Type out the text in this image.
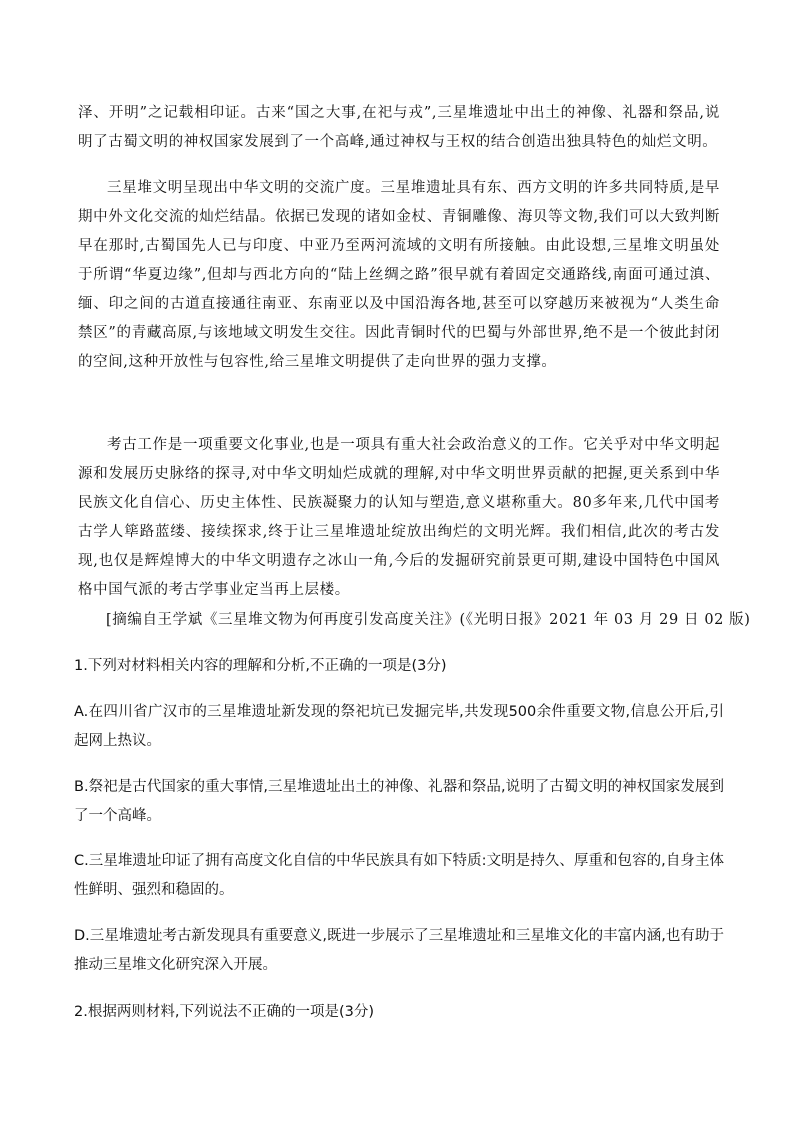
泽、开明”之记载相印证。古来“国之大事,在祀与戎”,三星堆遗址中出土的神像、礼器和祭品,说明了古蜀文明的神权国家发展到了一个高峰,通过神权与王权的结合创造出独具特色的灿烂文明。

三星堆文明呈现出中华文明的交流广度。三星堆遗址具有东、西方文明的许多共同特质,是早期中外文化交流的灿烂结晶。依据已发现的诸如金杖、青铜雕像、海贝等文物,我们可以大致判断早在那时,古蜀国先人已与印度、中亚乃至两河流域的文明有所接触。由此设想,三星堆文明虽处于所谓“华夏边缘”,但却与西北方向的“陆上丝绸之路”很早就有着固定交通路线,南面可通过滇、缅、印之间的古道直接通往南亚、东南亚以及中国沿海各地,甚至可以穿越历来被视为“人类生命禁区”的青藏高原,与该地域文明发生交往。因此青铜时代的巴蜀与外部世界,绝不是一个彼此封闭的空间,这种开放性与包容性,给三星堆文明提供了走向世界的强力支撑。

考古工作是一项重要文化事业,也是一项具有重大社会政治意义的工作。它关乎对中华文明起源和发展历史脉络的探寻,对中华文明灿烂成就的理解,对中华文明世界贡献的把握,更关系到中华民族文化自信心、历史主体性、民族凝聚力的认知与塑造,意义堪称重大。80多年来,几代中国考古学人筚路蓝缕、接续探求,终于让三星堆遗址绽放出绚烂的文明光辉。我们相信,此次的考古发现,也仅是辉煌博大的中华文明遗存之冰山一角,今后的发掘研究前景更可期,建设中国特色中国风格中国气派的考古学事业定当再上层楼。

[摘编自王学斌《三星堆文物为何再度引发高度关注》(《光明日报》2021 年 03 月 29 日 02 版)

1.下列对材料相关内容的理解和分析,不正确的一项是(3分)

A.在四川省广汉市的三星堆遗址新发现的祭祀坑已发掘完毕,共发现500余件重要文物,信息公开后,引起网上热议。

B.祭祀是古代国家的重大事情,三星堆遗址出土的神像、礼器和祭品,说明了古蜀文明的神权国家发展到了一个高峰。

C.三星堆遗址印证了拥有高度文化自信的中华民族具有如下特质:文明是持久、厚重和包容的,自身主体性鲜明、强烈和稳固的。

D.三星堆遗址考古新发现具有重要意义,既进一步展示了三星堆遗址和三星堆文化的丰富内涵,也有助于推动三星堆文化研究深入开展。

2.根据两则材料,下列说法不正确的一项是(3分)
